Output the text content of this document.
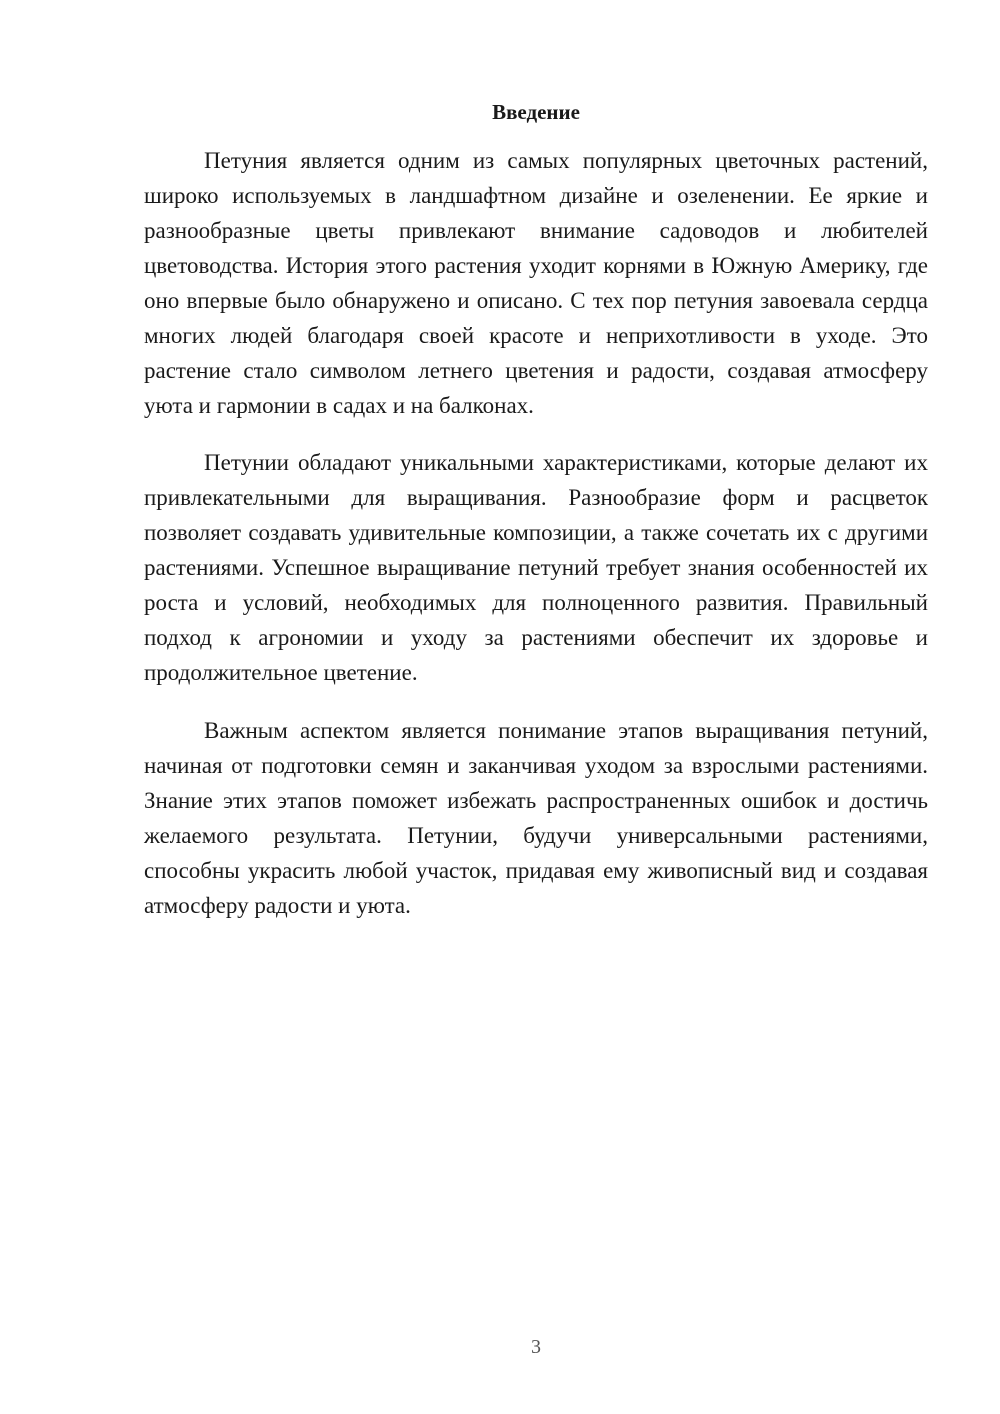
Введение

Петуния является одним из самых популярных цветочных растений, широко используемых в ландшафтном дизайне и озеленении. Ее яркие и разнообразные цветы привлекают внимание садоводов и любителей цветоводства. История этого растения уходит корнями в Южную Америку, где оно впервые было обнаружено и описано. С тех пор петуния завоевала сердца многих людей благодаря своей красоте и неприхотливости в уходе. Это растение стало символом летнего цветения и радости, создавая атмосферу уюта и гармонии в садах и на балконах.

Петунии обладают уникальными характеристиками, которые делают их привлекательными для выращивания. Разнообразие форм и расцветок позволяет создавать удивительные композиции, а также сочетать их с другими растениями. Успешное выращивание петуний требует знания особенностей их роста и условий, необходимых для полноценного развития. Правильный подход к агрономии и уходу за растениями обеспечит их здоровье и продолжительное цветение.

Важным аспектом является понимание этапов выращивания петуний, начиная от подготовки семян и заканчивая уходом за взрослыми растениями. Знание этих этапов поможет избежать распространенных ошибок и достичь желаемого результата. Петунии, будучи универсальными растениями, способны украсить любой участок, придавая ему живописный вид и создавая атмосферу радости и уюта.

3
